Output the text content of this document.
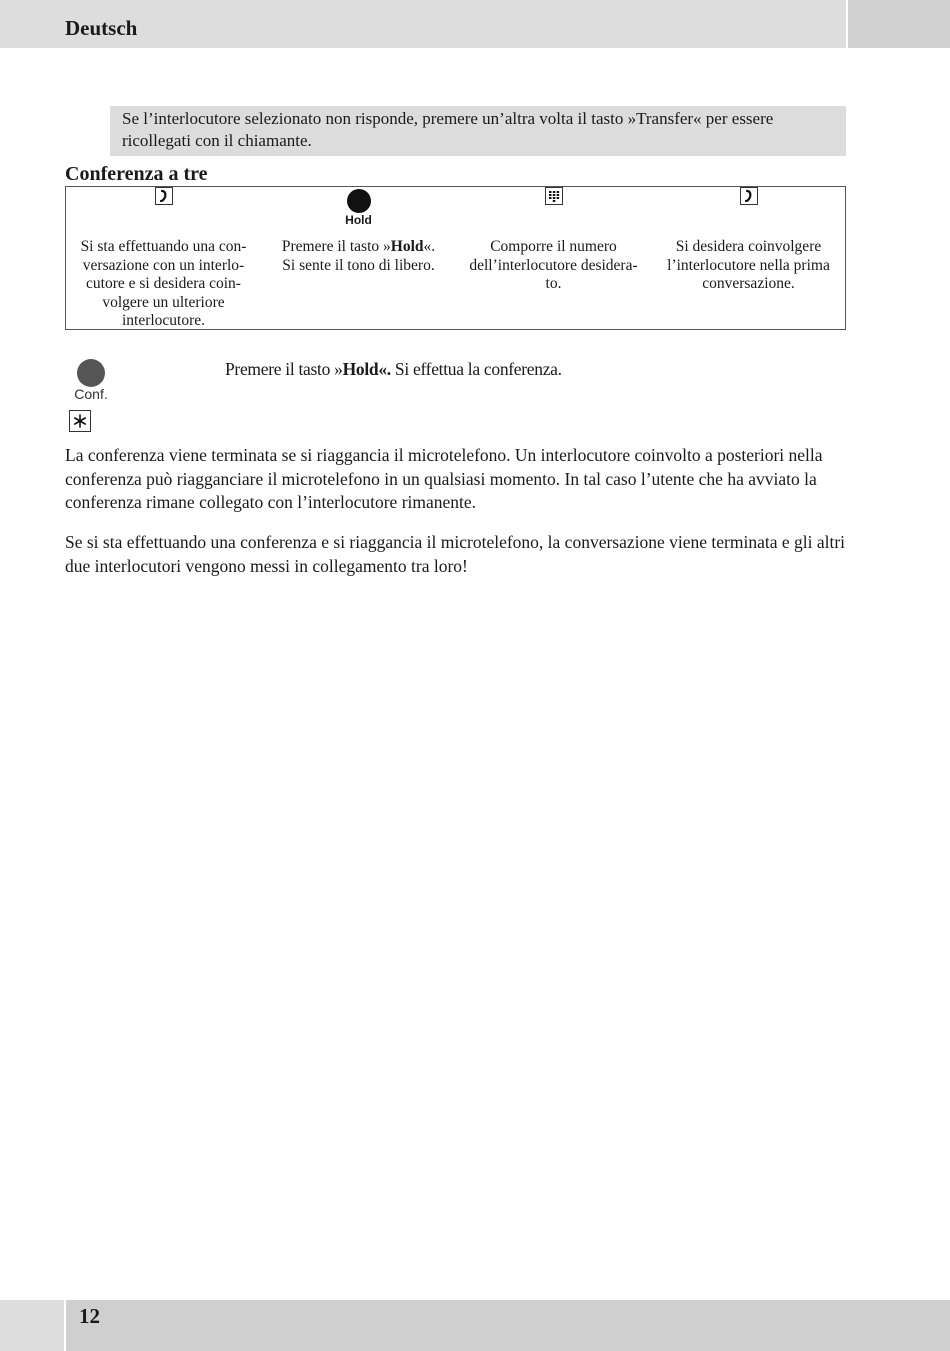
Deutsch
Se l’interlocutore selezionato non risponde, premere un’altra volta il tasto »Transfer« per essere ricollegati con il chiamante.
Conferenza a tre
Si sta effettuando una con-
versazione con un interlo-
cutore e si desidera coin-
volgere un ulteriore
interlocutore.
Hold
Premere il tasto »Hold«.
Si sente il tono di libero.
Comporre il numero
dell’interlocutore desidera-
to.
Si desidera coinvolgere
l’interlocutore nella prima
conversazione.
Conf.
Premere il tasto »Hold«. Si effettua la conferenza.
La conferenza viene terminata se si riaggancia il microtelefono. Un interlocutore coinvolto a posteriori nella conferenza può riagganciare il microtelefono in un qualsiasi momento. In tal caso l’utente che ha avviato la conferenza rimane collegato con l’interlocutore rimanente.
Se si sta effettuando una conferenza e si riaggancia il microtelefono, la conversazione viene terminata e gli altri due interlocutori vengono messi in collegamento tra loro!
12
